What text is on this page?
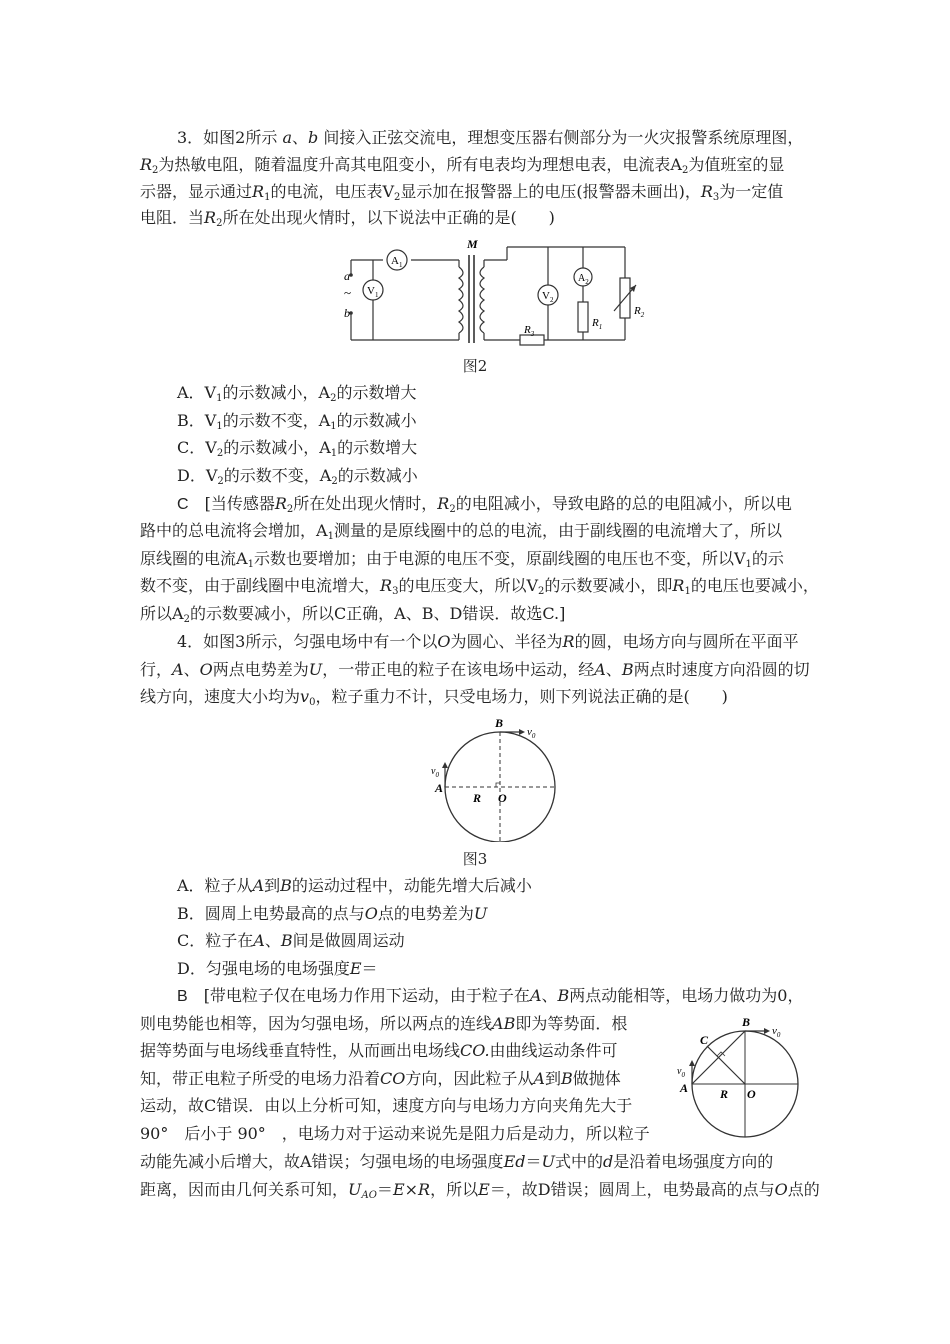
3．如图2所示 a、b 间接入正弦交流电，理想变压器右侧部分为一火灾报警系统原理图，
$R_2$为热敏电阻，随着温度升高其电阻变小，所有电表均为理想电表，电流表$A_2$为值班室的显
示器，显示通过$R_1$的电流，电压表$V_2$显示加在报警器上的电压(报警器未画出)，$R_3$为一定值
电阻．当$R_2$所在处出现火情时，以下说法中正确的是(　　)
a
~
b
$A_1$
$V_1$	$V_2$
$A_2$
M
$R_3$
$R_1$
$R_2$
图2
A．$V_1$的示数减小，$A_2$的示数增大
B．$V_1$的示数不变，$A_1$的示数减小
C．$V_2$的示数减小，$A_1$的示数增大
D．$V_2$的示数不变，$A_2$的示数减小
C　 [当传感器$R_2$所在处出现火情时，$R_2$的电阻减小，导致电路的总的电阻减小，所以电
路中的总电流将会增加，$A_1$测量的是原线圈中的总的电流，由于副线圈的电流增大了，所以
原线圈的电流$A_1$示数也要增加；由于电源的电压不变，原副线圈的电压也不变，所以$V_1$的示
数不变，由于副线圈中电流增大，$R_3$的电压变大，所以$V_2$的示数要减小，即$R_1$的电压也要减小，
所以$A_2$的示数要减小，所以C正确，A、B、D错误．故选C.]
4．如图3所示，匀强电场中有一个以O为圆心、半径为R的圆，电场方向与圆所在平面平
行，A、O两点电势差为U，一带正电的粒子在该电场中运动，经A、B两点时速度方向沿圆的切
线方向，速度大小均为$v_0$，粒子重力不计，只受电场力，则下列说法正确的是(　　)
B
$v_0$
$v_0$
A
R O
图3
A．粒子从A到B的运动过程中，动能先增大后减小
B．圆周上电势最高的点与O点的电势差为U
C．粒子在A、B间是做圆周运动
D．匀强电场的电场强度E＝
B　 [带电粒子仅在电场力作用下运动，由于粒子在A、B两点动能相等，电场力做功为0，
则电势能也相等，因为匀强电场，所以两点的连线AB即为等势面．根
据等势面与电场线垂直特性，从而画出电场线CO.由曲线运动条件可
知，带正电粒子所受的电场力沿着CO方向，因此粒子从A到B做抛体
运动，故C错误．由以上分析可知，速度方向与电场力方向夹角先大于
90°　后小于 90°　，电场力对于运动来说先是阻力后是动力，所以粒子
动能先减小后增大，故A错误；匀强电场的电场强度Ed＝U式中的d是沿着电场强度方向的
距离，因而由几何关系可知，$U_{AO}=E\times R$，所以E＝，故D错误；圆周上，电势最高的点与O点的
B
$v_0$
C
$v_0$
A	R O
